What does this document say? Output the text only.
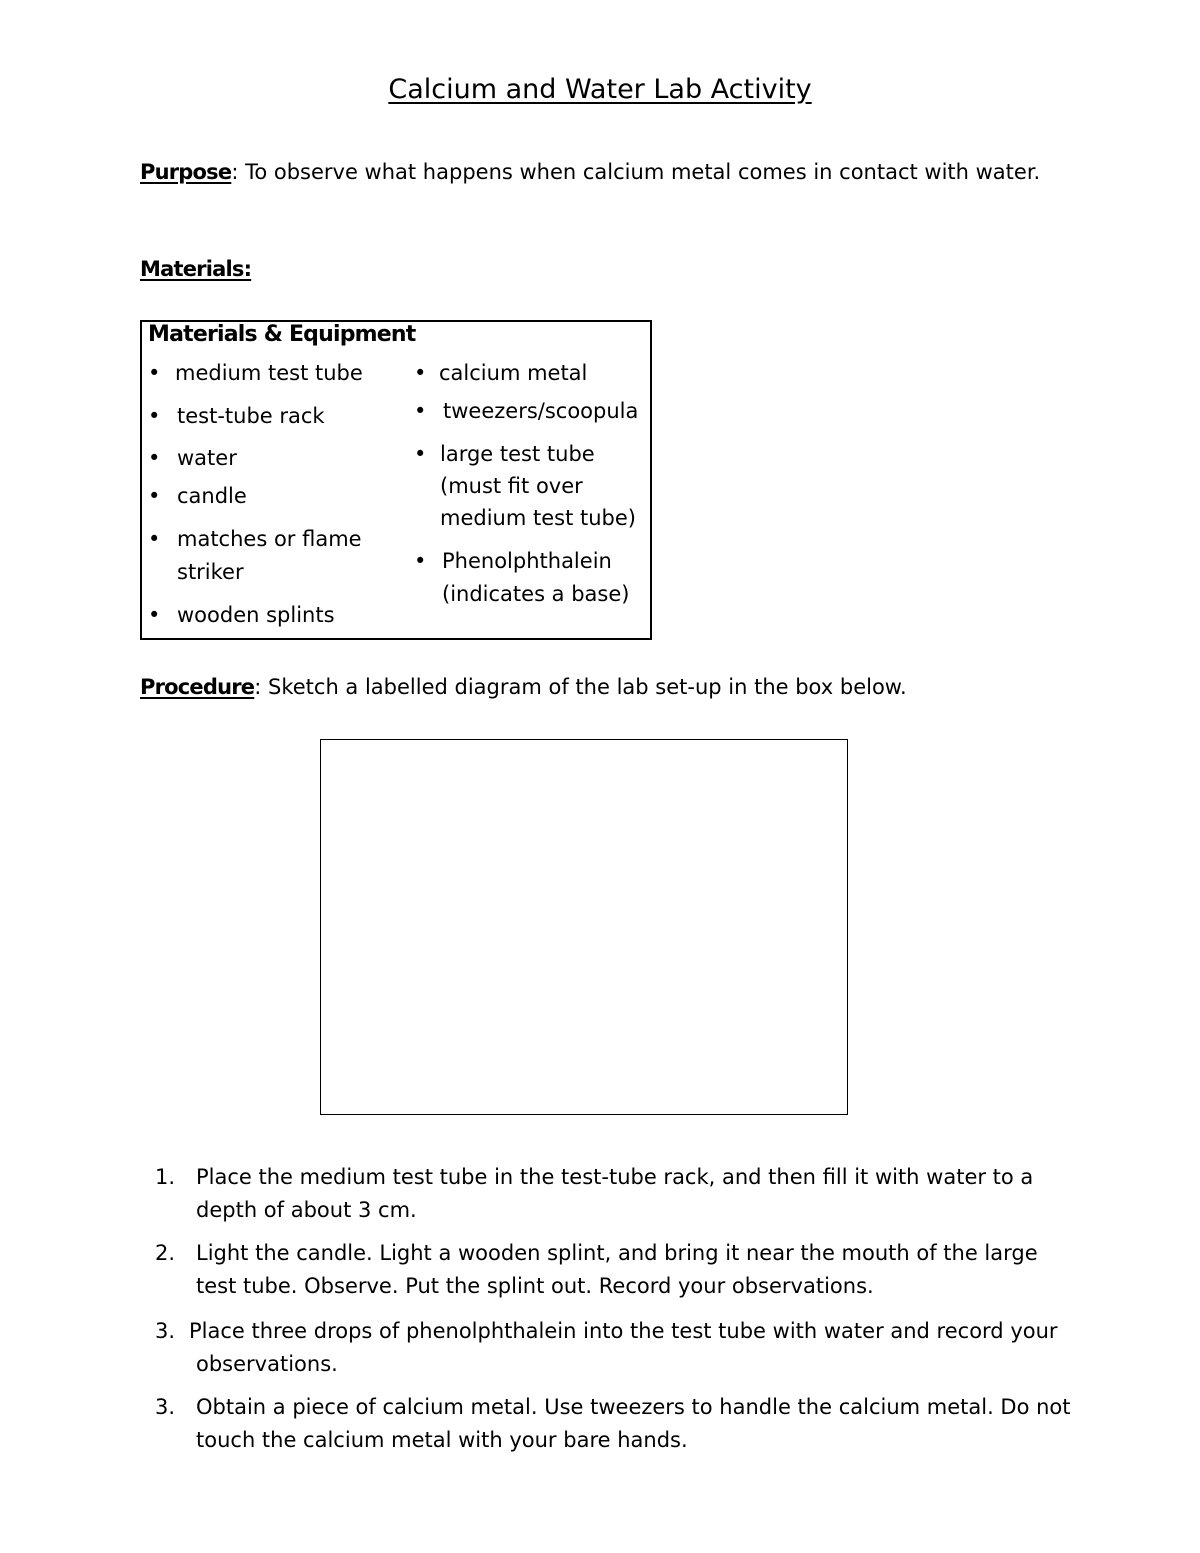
Calcium and Water Lab Activity
Purpose: To observe what happens when calcium metal comes in contact with water.
Materials:
Materials & Equipment
• medium test tube
• test-tube rack
• water
• candle
• matches or flame
striker
• wooden splints
• calcium metal
• tweezers/scoopula
• large test tube
(must fit over
medium test tube)
• Phenolphthalein
(indicates a base)
Procedure: Sketch a labelled diagram of the lab set-up in the box below.
1. Place the medium test tube in the test-tube rack, and then fill it with water to a
depth of about 3 cm.
2. Light the candle. Light a wooden splint, and bring it near the mouth of the large
test tube. Observe. Put the splint out. Record your observations.
3. Place three drops of phenolphthalein into the test tube with water and record your
observations.
3. Obtain a piece of calcium metal. Use tweezers to handle the calcium metal. Do not
touch the calcium metal with your bare hands.
